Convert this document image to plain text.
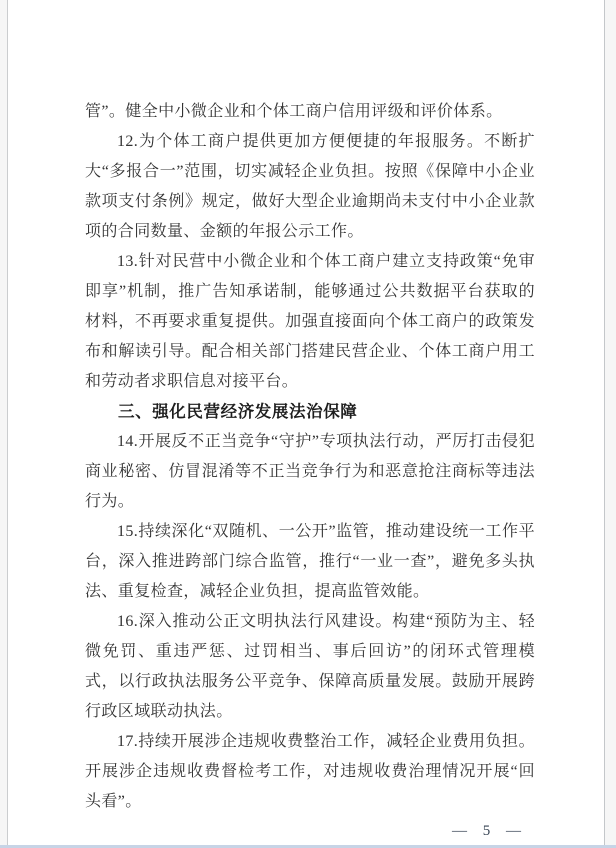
管”。健全中小微企业和个体工商户信用评级和评价体系。

12.为个体工商户提供更加方便便捷的年报服务。不断扩大“多报合一”范围，切实减轻企业负担。按照《保障中小企业款项支付条例》规定，做好大型企业逾期尚未支付中小企业款项的合同数量、金额的年报公示工作。

13.针对民营中小微企业和个体工商户建立支持政策“免审即享”机制，推广告知承诺制，能够通过公共数据平台获取的材料，不再要求重复提供。加强直接面向个体工商户的政策发布和解读引导。配合相关部门搭建民营企业、个体工商户用工和劳动者求职信息对接平台。

三、强化民营经济发展法治保障

14.开展反不正当竞争“守护”专项执法行动，严厉打击侵犯商业秘密、仿冒混淆等不正当竞争行为和恶意抢注商标等违法行为。

15.持续深化“双随机、一公开”监管，推动建设统一工作平台，深入推进跨部门综合监管，推行“一业一查”，避免多头执法、重复检查，减轻企业负担，提高监管效能。

16.深入推动公正文明执法行风建设。构建“预防为主、轻微免罚、重违严惩、过罚相当、事后回访”的闭环式管理模式，以行政执法服务公平竞争、保障高质量发展。鼓励开展跨行政区域联动执法。

17.持续开展涉企违规收费整治工作，减轻企业费用负担。开展涉企违规收费督检考工作，对违规收费治理情况开展“回头看”。

— 5 —
